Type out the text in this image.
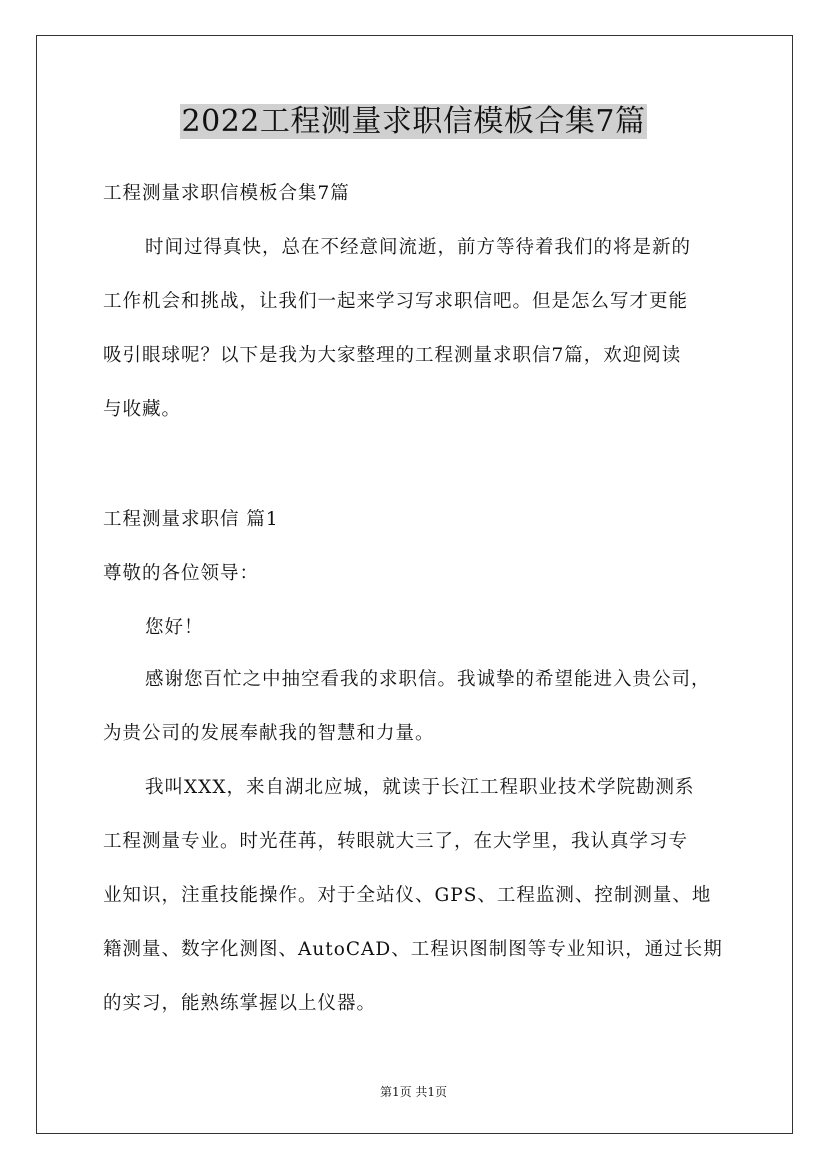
2022工程测量求职信模板合集7篇
工程测量求职信模板合集7篇
时间过得真快，总在不经意间流逝，前方等待着我们的将是新的
工作机会和挑战，让我们一起来学习写求职信吧。但是怎么写才更能
吸引眼球呢？以下是我为大家整理的工程测量求职信7篇，欢迎阅读
与收藏。
工程测量求职信 篇1
尊敬的各位领导：
您好！
感谢您百忙之中抽空看我的求职信。我诚挚的希望能进入贵公司，
为贵公司的发展奉献我的智慧和力量。
我叫XXX，来自湖北应城，就读于长江工程职业技术学院勘测系
工程测量专业。时光荏苒，转眼就大三了，在大学里，我认真学习专
业知识，注重技能操作。对于全站仪、GPS、工程监测、控制测量、地
籍测量、数字化测图、AutoCAD、工程识图制图等专业知识，通过长期
的实习，能熟练掌握以上仪器。
第1页 共1页
